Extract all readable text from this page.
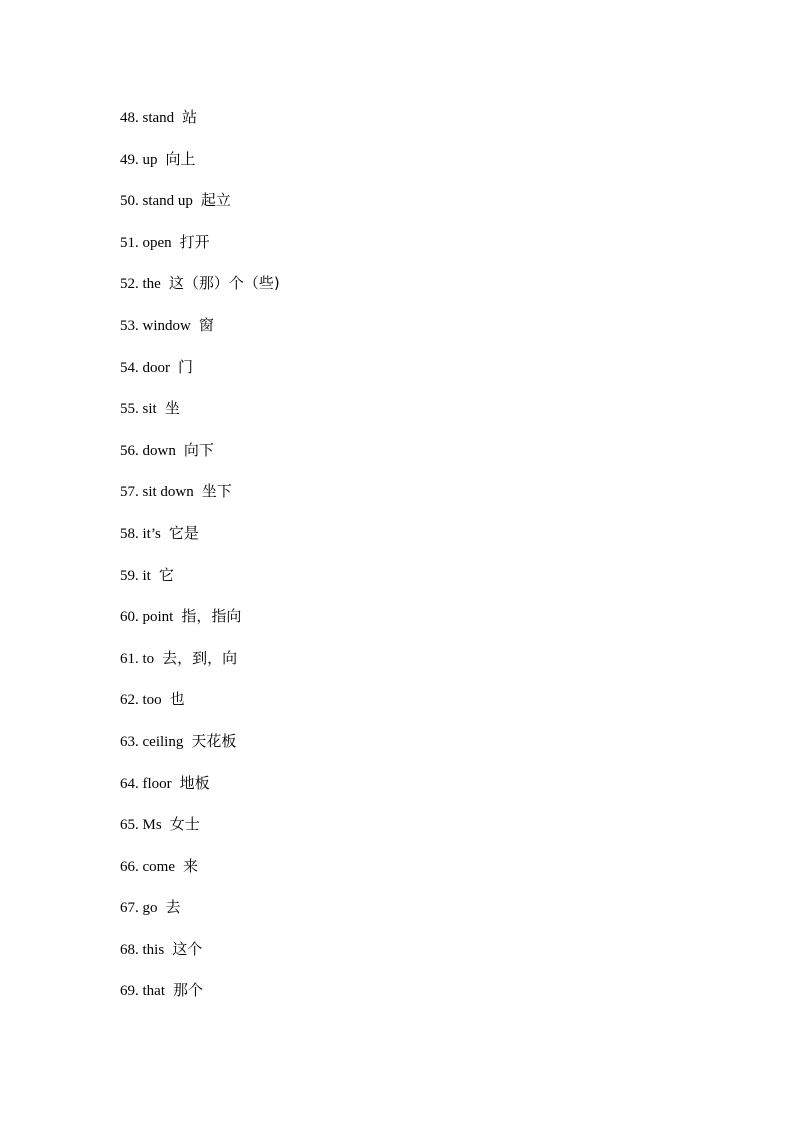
48. stand 站
49. up 向上
50. stand up 起立
51. open 打开
52. the 这（那）个（些)
53. window 窗
54. door 门
55. sit 坐
56. down 向下
57. sit down 坐下
58. it’s 它是
59. it 它
60. point 指，指向
61. to 去，到，向
62. too 也
63. ceiling 天花板
64. floor 地板
65. Ms 女士
66. come 来
67. go 去
68. this 这个
69. that 那个
